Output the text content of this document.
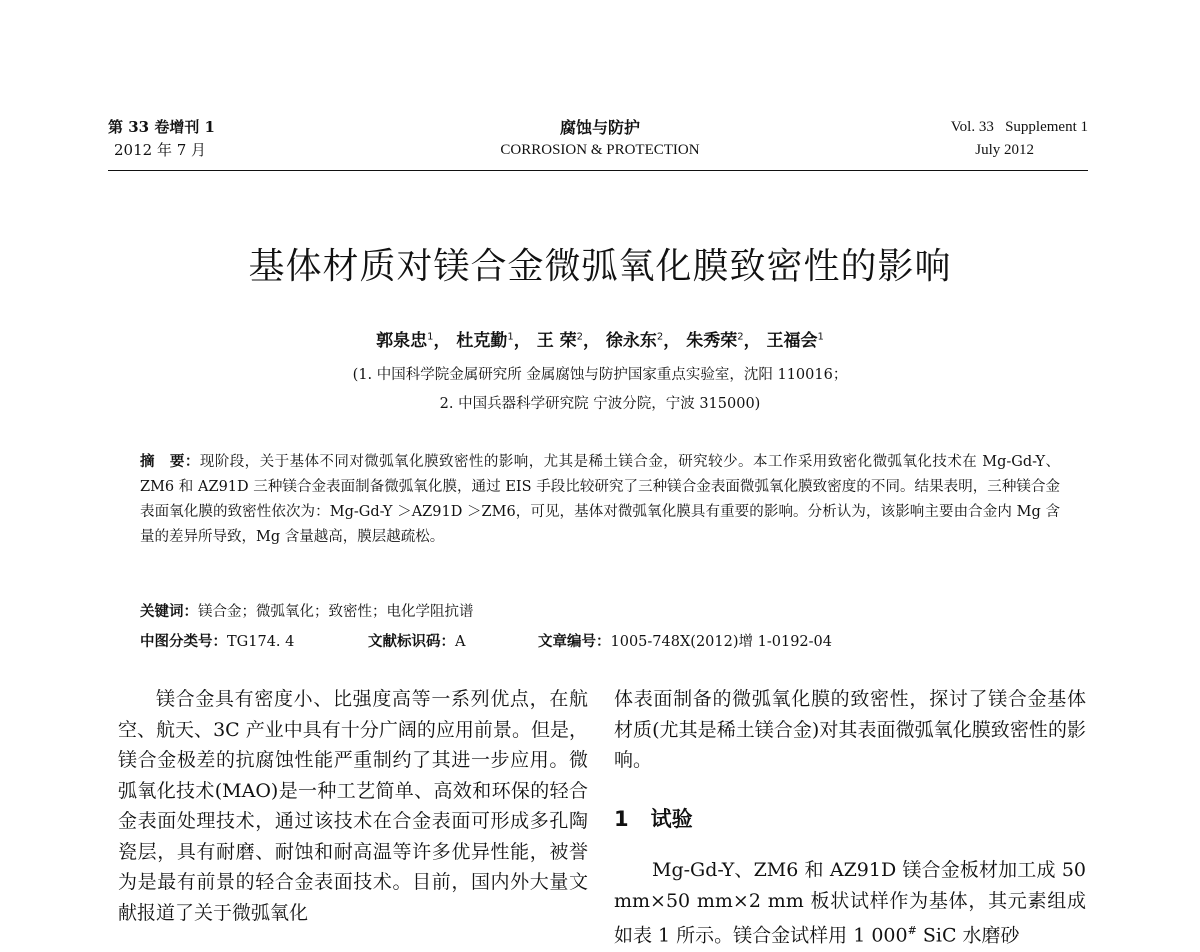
第 33 卷增刊 1
2012 年 7 月
腐蚀与防护
CORROSION & PROTECTION
Vol. 33   Supplement 1
July 2012
基体材质对镁合金微弧氧化膜致密性的影响
郭泉忠$^1$， 杜克勤$^1$， 王 荣$^2$， 徐永东$^2$， 朱秀荣$^2$， 王福会$^1$
(1. 中国科学院金属研究所 金属腐蚀与防护国家重点实验室，沈阳 110016；
2. 中国兵器科学研究院 宁波分院，宁波 315000)
摘　要：现阶段，关于基体不同对微弧氧化膜致密性的影响，尤其是稀土镁合金，研究较少。本工作采用致密化微弧氧化技术在 Mg-Gd-Y、ZM6 和 AZ91D 三种镁合金表面制备微弧氧化膜，通过 EIS 手段比较研究了三种镁合金表面微弧氧化膜致密度的不同。结果表明，三种镁合金表面氧化膜的致密性依次为：Mg-Gd-Y ＞AZ91D ＞ZM6，可见，基体对微弧氧化膜具有重要的影响。分析认为，该影响主要由合金内 Mg 含量的差异所导致，Mg 含量越高，膜层越疏松。
关键词：镁合金；微弧氧化；致密性；电化学阻抗谱
中图分类号：TG174. 4	文献标识码：A	文章编号：1005-748X(2012)增 1-0192-04
镁合金具有密度小、比强度高等一系列优点，在航空、航天、3C 产业中具有十分广阔的应用前景。但是，镁合金极差的抗腐蚀性能严重制约了其进一步应用。微弧氧化技术(MAO)是一种工艺简单、高效和环保的轻合金表面处理技术，通过该技术在合金表面可形成多孔陶瓷层，具有耐磨、耐蚀和耐高温等许多优异性能，被誉为是最有前景的轻合金表面技术。目前，国内外大量文献报道了关于微弧氧化
体表面制备的微弧氧化膜的致密性，探讨了镁合金基体材质(尤其是稀土镁合金)对其表面微弧氧化膜致密性的影响。
1 试验
Mg-Gd-Y、ZM6 和 AZ91D 镁合金板材加工成 50 mm×50 mm×2 mm 板状试样作为基体，其元素组成如表 1 所示。镁合金试样用 1 000# SiC 水磨砂
